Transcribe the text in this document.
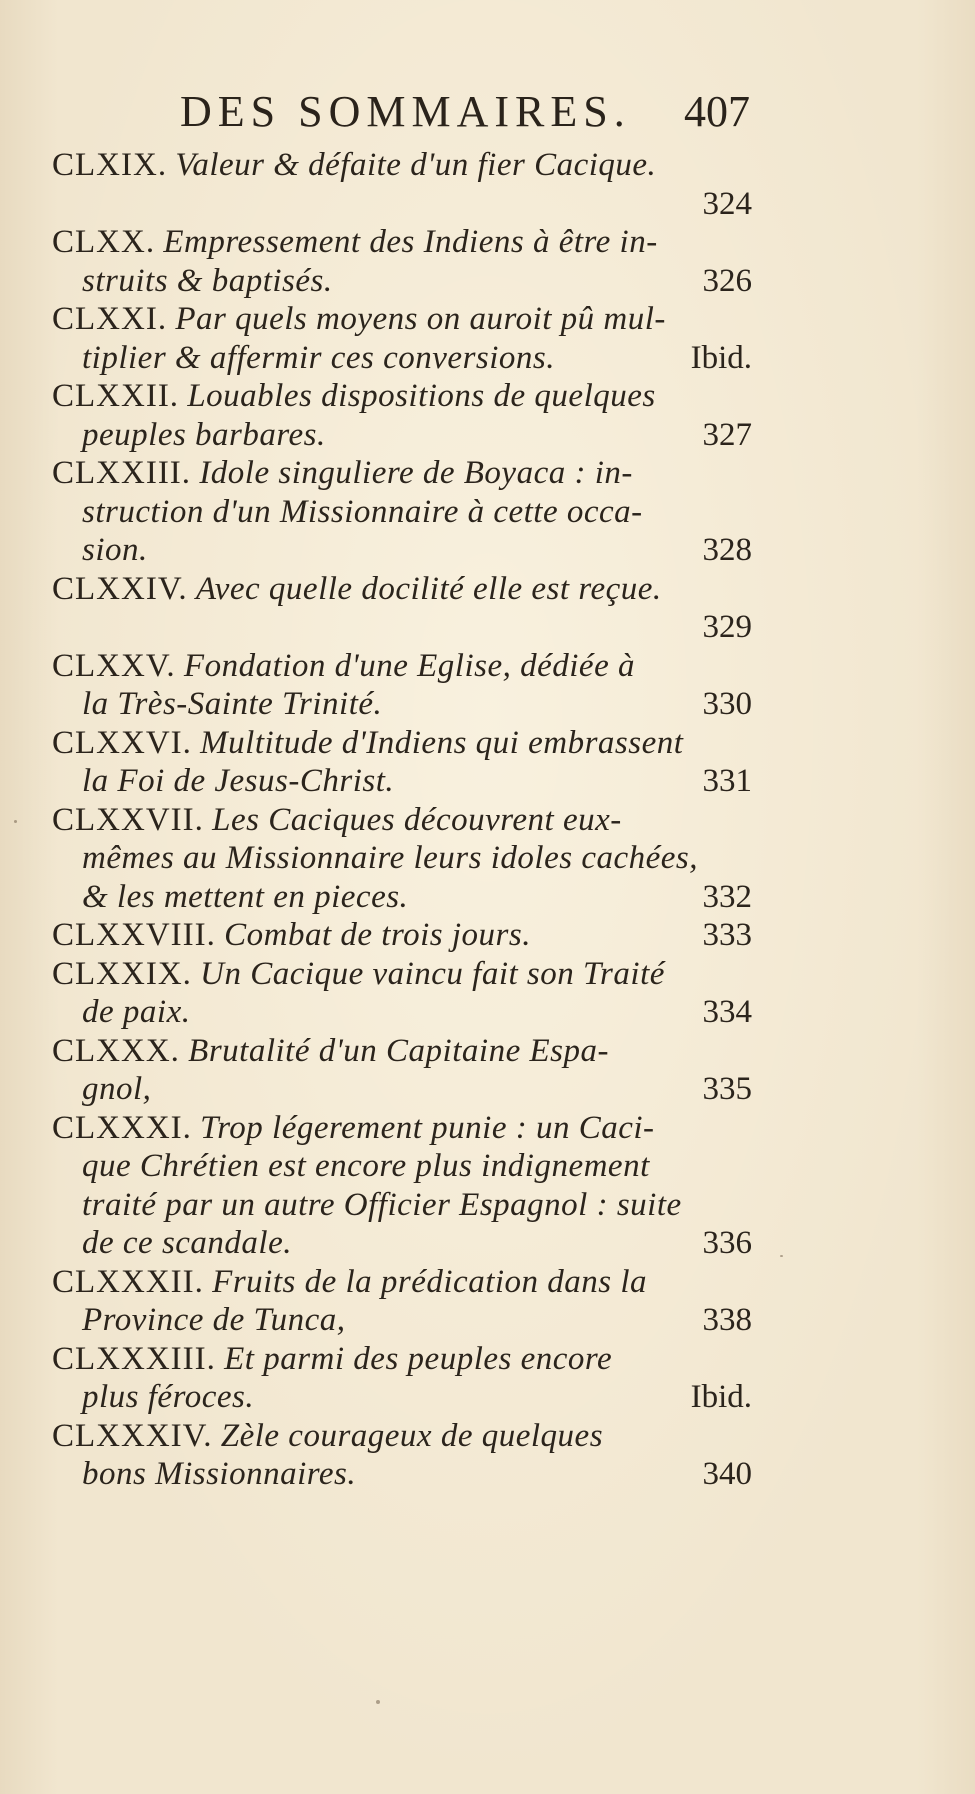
DES SOMMAIRES. 407
CLXIX. Valeur & défaite d'un fier Cacique.
324
CLXX. Empressement des Indiens à être in-
struits & baptisés.	326
CLXXI. Par quels moyens on auroit pû mul-
tiplier & affermir ces conversions.	Ibid.
CLXXII. Louables dispositions de quelques
peuples barbares.	327
CLXXIII. Idole singuliere de Boyaca : in-
struction d'un Missionnaire à cette occa-
sion.	328
CLXXIV. Avec quelle docilité elle est reçue.
329
CLXXV. Fondation d'une Eglise, dédiée à
la Très-Sainte Trinité.	330
CLXXVI. Multitude d'Indiens qui embrassent
la Foi de Jesus-Christ.	331
CLXXVII. Les Caciques découvrent eux-
mêmes au Missionnaire leurs idoles cachées,
& les mettent en pieces.	332
CLXXVIII. Combat de trois jours.	333
CLXXIX. Un Cacique vaincu fait son Traité
de paix.	334
CLXXX. Brutalité d'un Capitaine Espa-
gnol,	335
CLXXXI. Trop légerement punie : un Caci-
que Chrétien est encore plus indignement
traité par un autre Officier Espagnol : suite
de ce scandale.	336
CLXXXII. Fruits de la prédication dans la
Province de Tunca,	338
CLXXXIII. Et parmi des peuples encore
plus féroces.	Ibid.
CLXXXIV. Zèle courageux de quelques
bons Missionnaires.	340
